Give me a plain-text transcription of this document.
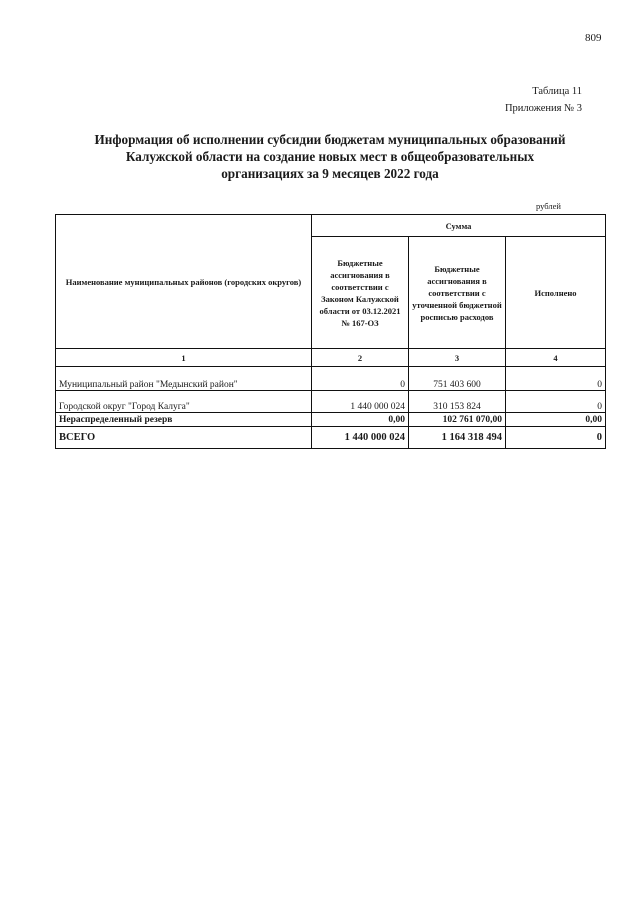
809
Таблица 11
Приложения № 3
Информация об исполнении субсидии бюджетам муниципальных образований
Калужской области на создание новых мест в общеобразовательных
организациях за 9 месяцев 2022 года
рублей
Наименование муниципальных районов (городских округов)	Сумма		
	Бюджетные ассигнования в соответствии с Законом Калужской области от 03.12.2021 № 167-ОЗ	Бюджетные ассигнования в соответствии с уточненной бюджетной росписью расходов	Исполнено
1	2	3	4
Муниципальный район "Медынский район"	0	751 403 600	0
Городской округ "Город Калуга"	1 440 000 024	310 153 824	0
Нераспределенный резерв	0,00	102 761 070,00	0,00
ВСЕГО	1 440 000 024	1 164 318 494	0
